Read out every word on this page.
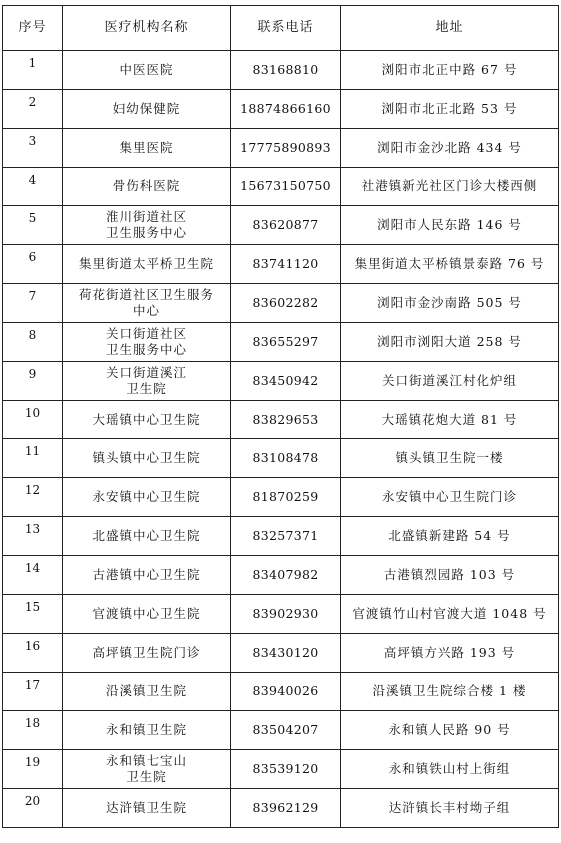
序号	医疗机构名称	联系电话	地址
1	中医医院	83168810	浏阳市北正中路 67 号
2	妇幼保健院	18874866160	浏阳市北正北路 53 号
3	集里医院	17775890893	浏阳市金沙北路 434 号
4	骨伤科医院	15673150750	社港镇新光社区门诊大楼西侧
5	淮川街道社区
卫生服务中心	83620877	浏阳市人民东路 146 号
6	集里街道太平桥卫生院	83741120	集里街道太平桥镇景泰路 76 号
7	荷花街道社区卫生服务
中心	83602282	浏阳市金沙南路 505 号
8	关口街道社区
卫生服务中心	83655297	浏阳市浏阳大道 258 号
9	关口街道溪江
卫生院	83450942	关口街道溪江村化炉组
10	大瑶镇中心卫生院	83829653	大瑶镇花炮大道 81 号
11	镇头镇中心卫生院	83108478	镇头镇卫生院一楼
12	永安镇中心卫生院	81870259	永安镇中心卫生院门诊
13	北盛镇中心卫生院	83257371	北盛镇新建路 54 号
14	古港镇中心卫生院	83407982	古港镇烈园路 103 号
15	官渡镇中心卫生院	83902930	官渡镇竹山村官渡大道 1048 号
16	高坪镇卫生院门诊	83430120	高坪镇方兴路 193 号
17	沿溪镇卫生院	83940026	沿溪镇卫生院综合楼 1 楼
18	永和镇卫生院	83504207	永和镇人民路 90 号
19	永和镇七宝山
卫生院	83539120	永和镇铁山村上街组
20	达浒镇卫生院	83962129	达浒镇长丰村坳子组
